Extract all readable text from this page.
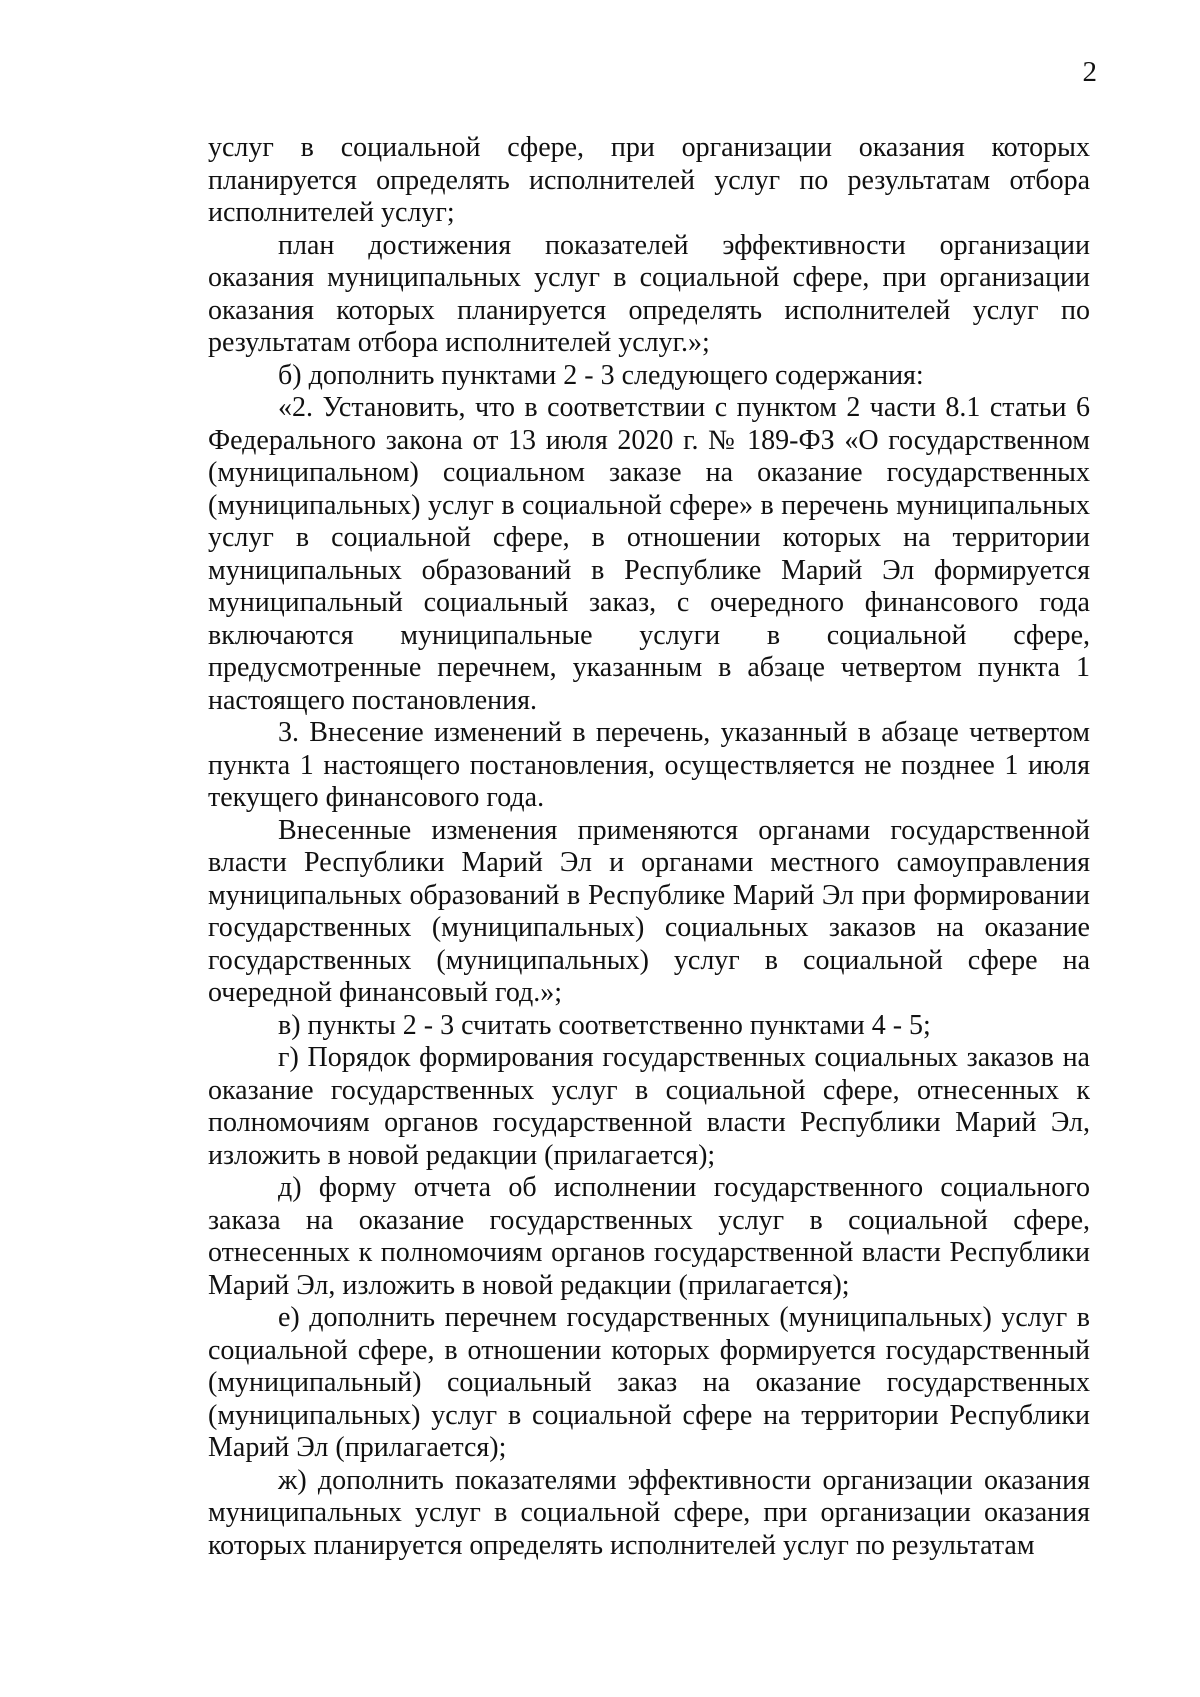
2

услуг в социальной сфере, при организации оказания которых планируется определять исполнителей услуг по результатам отбора исполнителей услуг;

план достижения показателей эффективности организации оказания муниципальных услуг в социальной сфере, при организации оказания которых планируется определять исполнителей услуг по результатам отбора исполнителей услуг.»;

б) дополнить пунктами 2 - 3 следующего содержания:

«2. Установить, что в соответствии с пунктом 2 части 8.1 статьи 6 Федерального закона от 13 июля 2020 г. № 189-ФЗ «О государственном (муниципальном) социальном заказе на оказание государственных (муниципальных) услуг в социальной сфере» в перечень муниципальных услуг в социальной сфере, в отношении которых на территории муниципальных образований в Республике Марий Эл формируется муниципальный социальный заказ, с очередного финансового года включаются муниципальные услуги в социальной сфере, предусмотренные перечнем, указанным в абзаце четвертом пункта 1 настоящего постановления.

3. Внесение изменений в перечень, указанный в абзаце четвертом пункта 1 настоящего постановления, осуществляется не позднее 1 июля текущего финансового года.

Внесенные изменения применяются органами государственной власти Республики Марий Эл и органами местного самоуправления муниципальных образований в Республике Марий Эл при формировании государственных (муниципальных) социальных заказов на оказание государственных (муниципальных) услуг в социальной сфере на очередной финансовый год.»;

в) пункты 2 - 3 считать соответственно пунктами 4 - 5;

г) Порядок формирования государственных социальных заказов на оказание государственных услуг в социальной сфере, отнесенных к полномочиям органов государственной власти Республики Марий Эл, изложить в новой редакции (прилагается);

д) форму отчета об исполнении государственного социального заказа на оказание государственных услуг в социальной сфере, отнесенных к полномочиям органов государственной власти Республики Марий Эл, изложить в новой редакции (прилагается);

е) дополнить перечнем государственных (муниципальных) услуг в социальной сфере, в отношении которых формируется государственный (муниципальный) социальный заказ на оказание государственных (муниципальных) услуг в социальной сфере на территории Республики Марий Эл (прилагается);

ж) дополнить показателями эффективности организации оказания муниципальных услуг в социальной сфере, при организации оказания которых планируется определять исполнителей услуг по результатам
